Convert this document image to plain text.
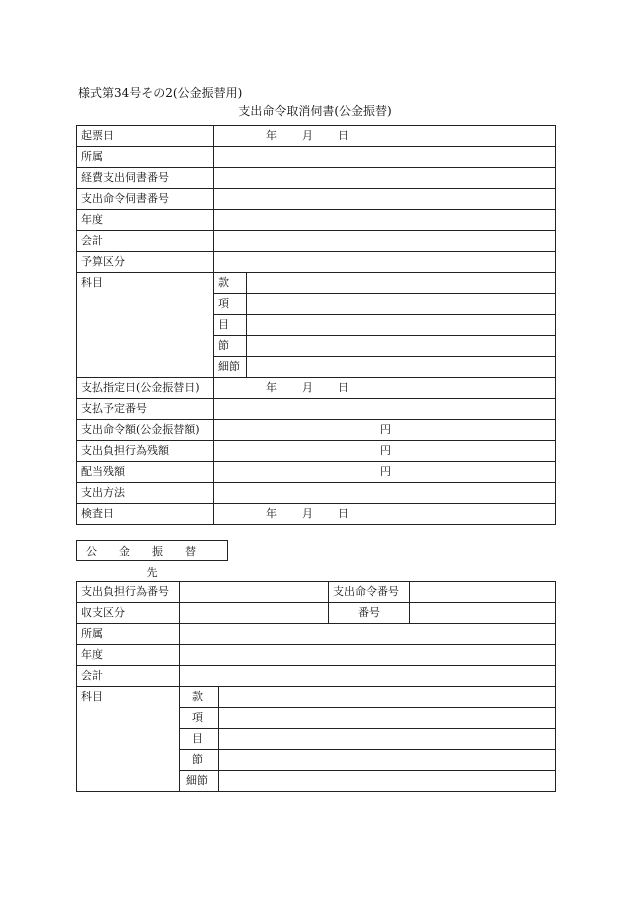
様式第34号その2(公金振替用)
支出命令取消伺書(公金振替)
起票日	年 月 日	
所属		
経費支出伺書番号		
支出命令伺書番号		
年度		
会計		
予算区分		
科目	款	
	項	
	目	
	節	
	細節	
支払指定日(公金振替日)	年 月 日	
支払予定番号		
支出命令額(公金振替額)	円	
支出負担行為残額	円	
配当残額	円	
支出方法		
検査日	年 月 日	
公金振替先
支出負担行為番号			支出命令番号	
収支区分			番号	
所属				
年度				
会計				
科目	款			
	項			
	目			
	節			
	細節			
